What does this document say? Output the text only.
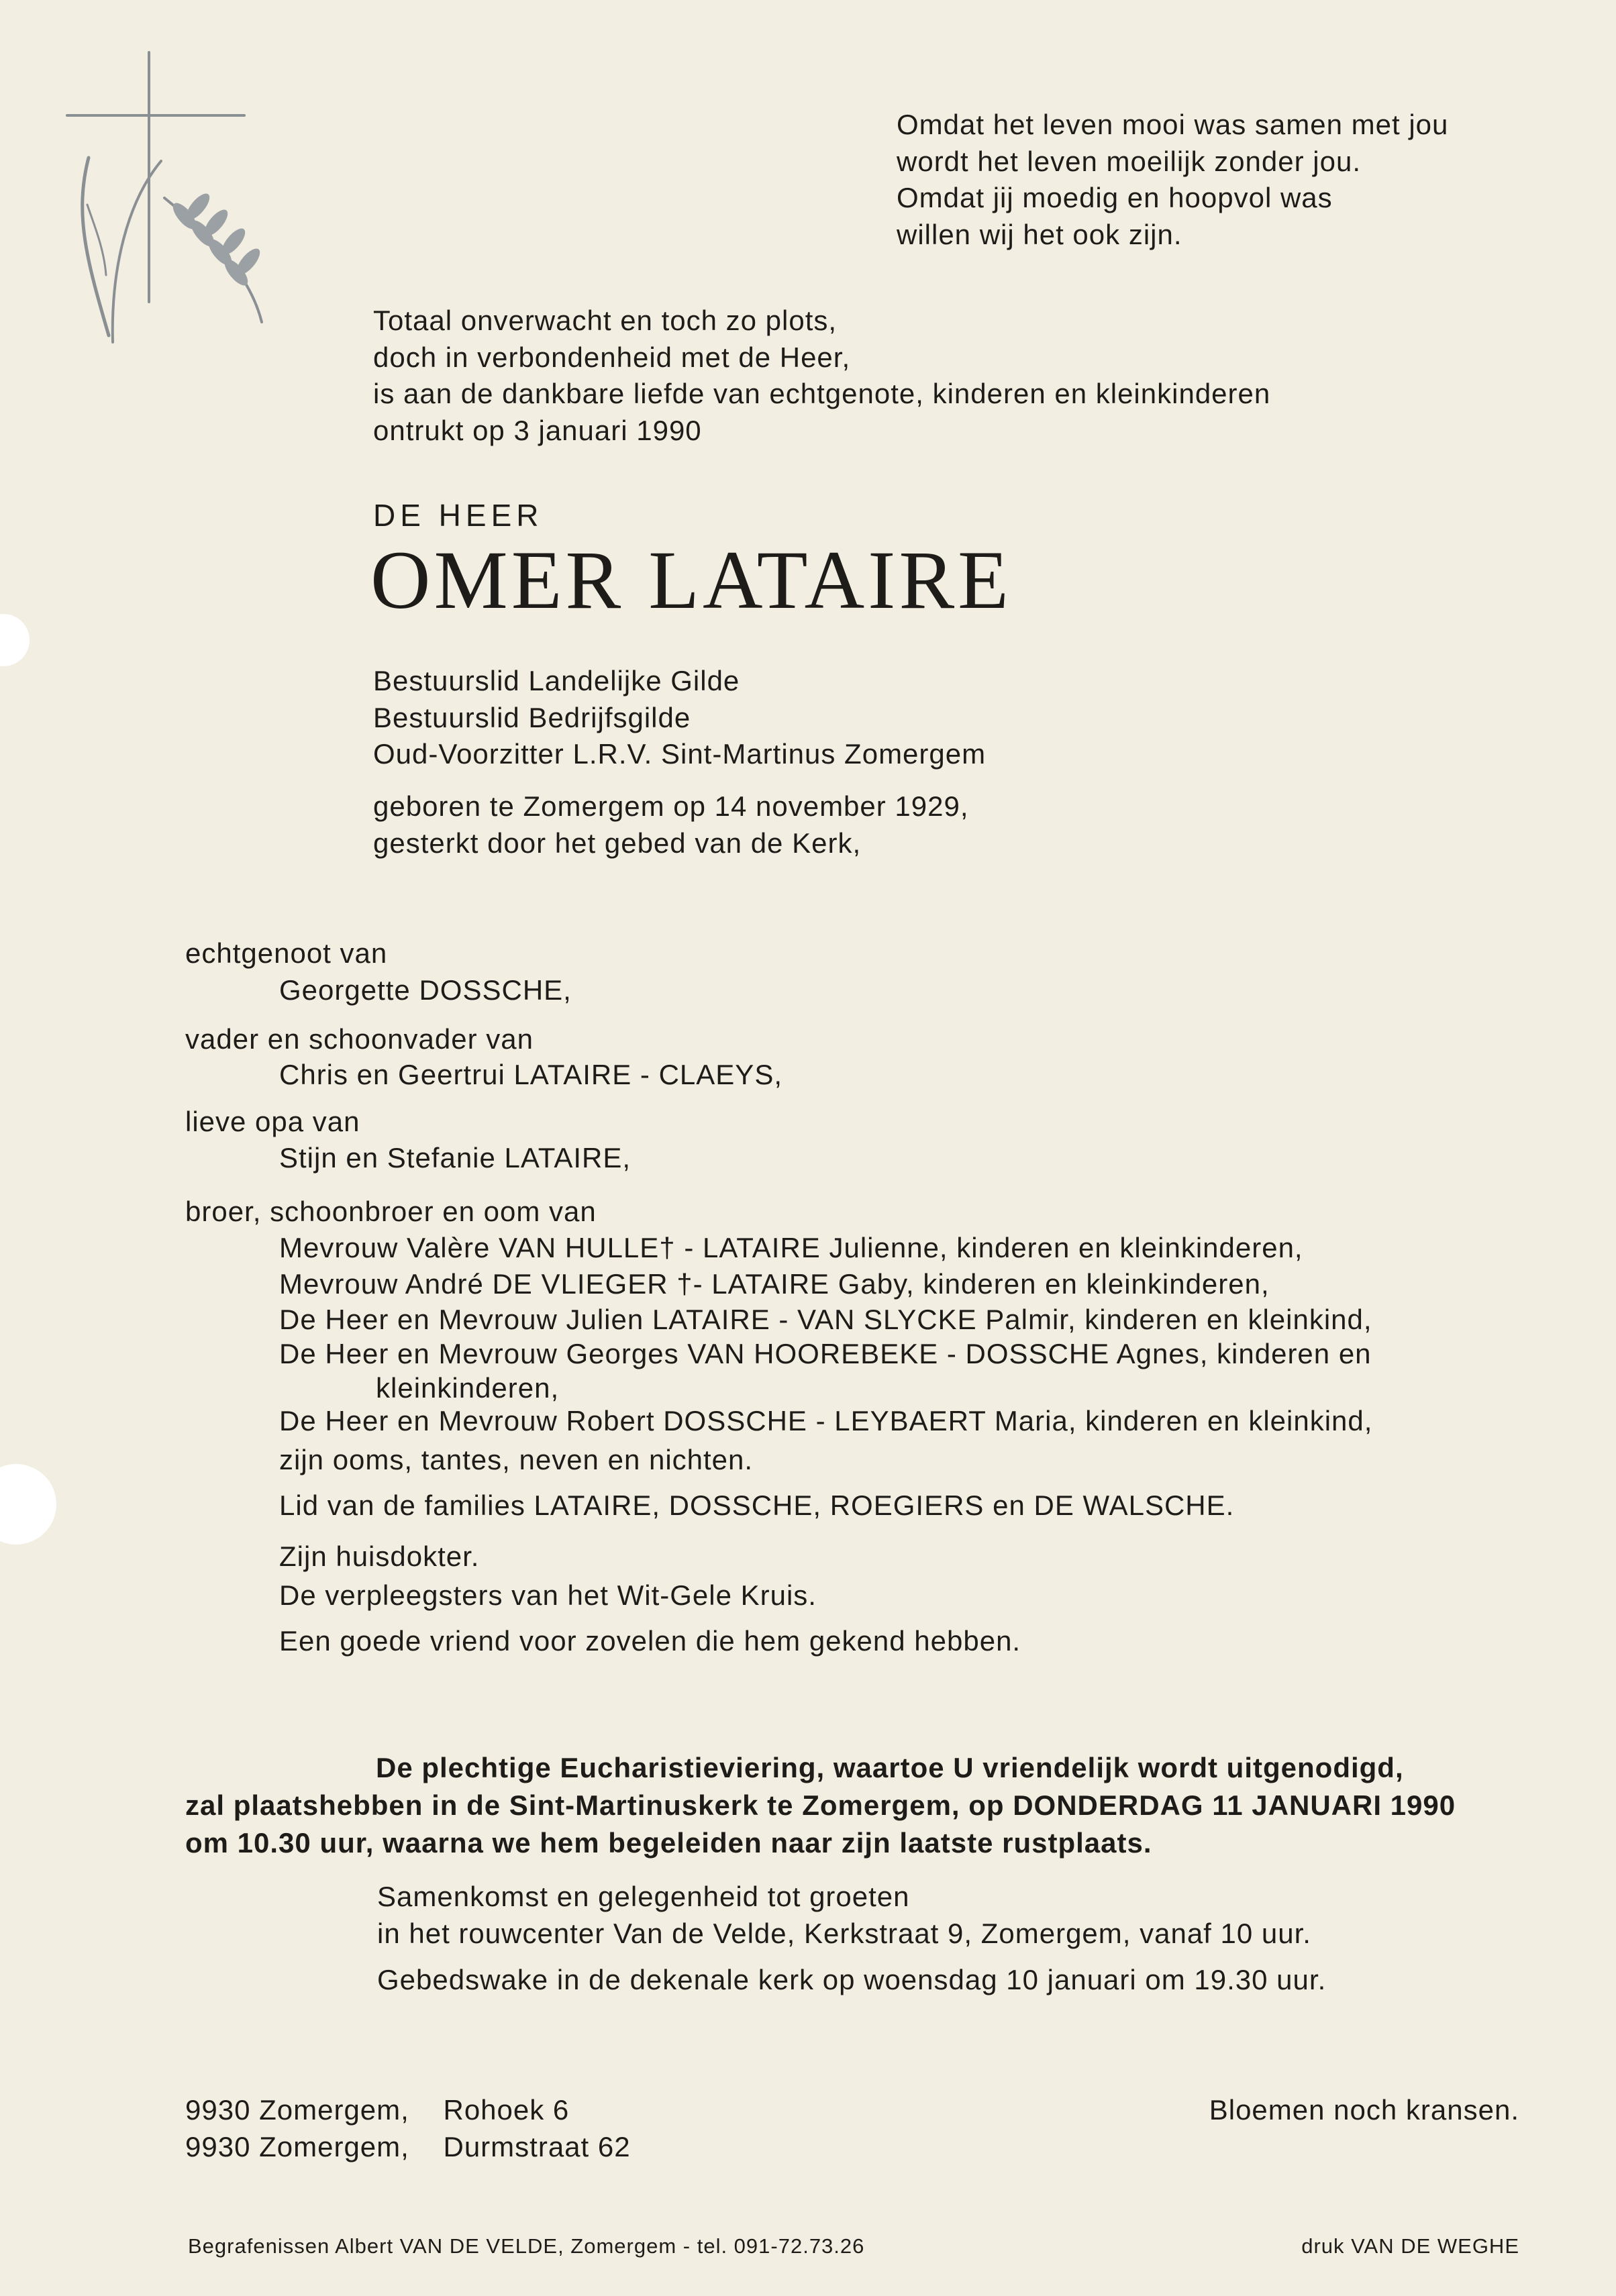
Omdat het leven mooi was samen met jou
wordt het leven moeilijk zonder jou.
Omdat jij moedig en hoopvol was
willen wij het ook zijn.
Totaal onverwacht en toch zo plots,
doch in verbondenheid met de Heer,
is aan de dankbare liefde van echtgenote, kinderen en kleinkinderen
ontrukt op 3 januari 1990
DE HEER
OMER LATAIRE
Bestuurslid Landelijke Gilde
Bestuurslid Bedrijfsgilde
Oud-Voorzitter L.R.V. Sint-Martinus Zomergem
geboren te Zomergem op 14 november 1929,
gesterkt door het gebed van de Kerk,
echtgenoot van
Georgette DOSSCHE,
vader en schoonvader van
Chris en Geertrui LATAIRE - CLAEYS,
lieve opa van
Stijn en Stefanie LATAIRE,
broer, schoonbroer en oom van
Mevrouw Valère VAN HULLE† - LATAIRE Julienne, kinderen en kleinkinderen,
Mevrouw André DE VLIEGER †- LATAIRE Gaby, kinderen en kleinkinderen,
De Heer en Mevrouw Julien LATAIRE - VAN SLYCKE Palmir, kinderen en kleinkind,
De Heer en Mevrouw Georges VAN HOOREBEKE - DOSSCHE Agnes, kinderen en
kleinkinderen,
De Heer en Mevrouw Robert DOSSCHE - LEYBAERT Maria, kinderen en kleinkind,
zijn ooms, tantes, neven en nichten.
Lid van de families LATAIRE, DOSSCHE, ROEGIERS en DE WALSCHE.
Zijn huisdokter.
De verpleegsters van het Wit-Gele Kruis.
Een goede vriend voor zovelen die hem gekend hebben.
De plechtige Eucharistieviering, waartoe U vriendelijk wordt uitgenodigd,
zal plaatshebben in de Sint-Martinuskerk te Zomergem, op DONDERDAG 11 JANUARI 1990
om 10.30 uur, waarna we hem begeleiden naar zijn laatste rustplaats.
Samenkomst en gelegenheid tot groeten
in het rouwcenter Van de Velde, Kerkstraat 9, Zomergem, vanaf 10 uur.
Gebedswake in de dekenale kerk op woensdag 10 januari om 19.30 uur.
9930 Zomergem,    Rohoek 6
9930 Zomergem,    Durmstraat 62
Bloemen noch kransen.
Begrafenissen Albert VAN DE VELDE, Zomergem - tel. 091-72.73.26	druk VAN DE WEGHE
